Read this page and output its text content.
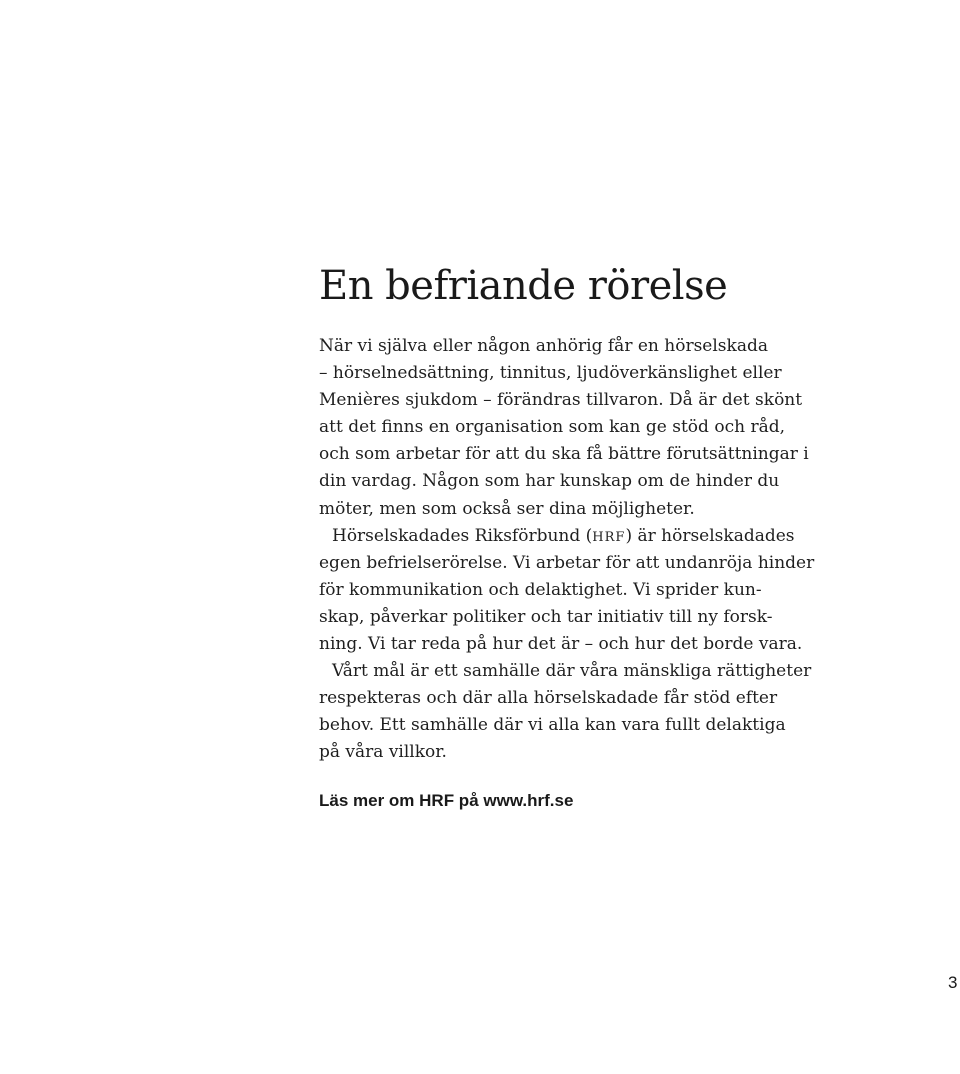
En befriande rörelse
När vi själva eller någon anhörig får en hörselskada
– hörselnedsättning, tinnitus, ljudöverkänslighet eller
Menières sjukdom – förändras tillvaron. Då är det skönt
att det finns en organisation som kan ge stöd och råd,
och som arbetar för att du ska få bättre förutsättningar i
din vardag. Någon som har kunskap om de hinder du
möter, men som också ser dina möjligheter.
Hörselskadades Riksförbund (HRF) är hörselskadades
egen befrielserörelse. Vi arbetar för att undanröja hinder
för kommunikation och delaktighet. Vi sprider kun-
skap, påverkar politiker och tar initiativ till ny forsk-
ning. Vi tar reda på hur det är – och hur det borde vara.
Vårt mål är ett samhälle där våra mänskliga rättigheter
respekteras och där alla hörselskadade får stöd efter
behov. Ett samhälle där vi alla kan vara fullt delaktiga
på våra villkor.

Läs mer om HRF på www.hrf.se

3
